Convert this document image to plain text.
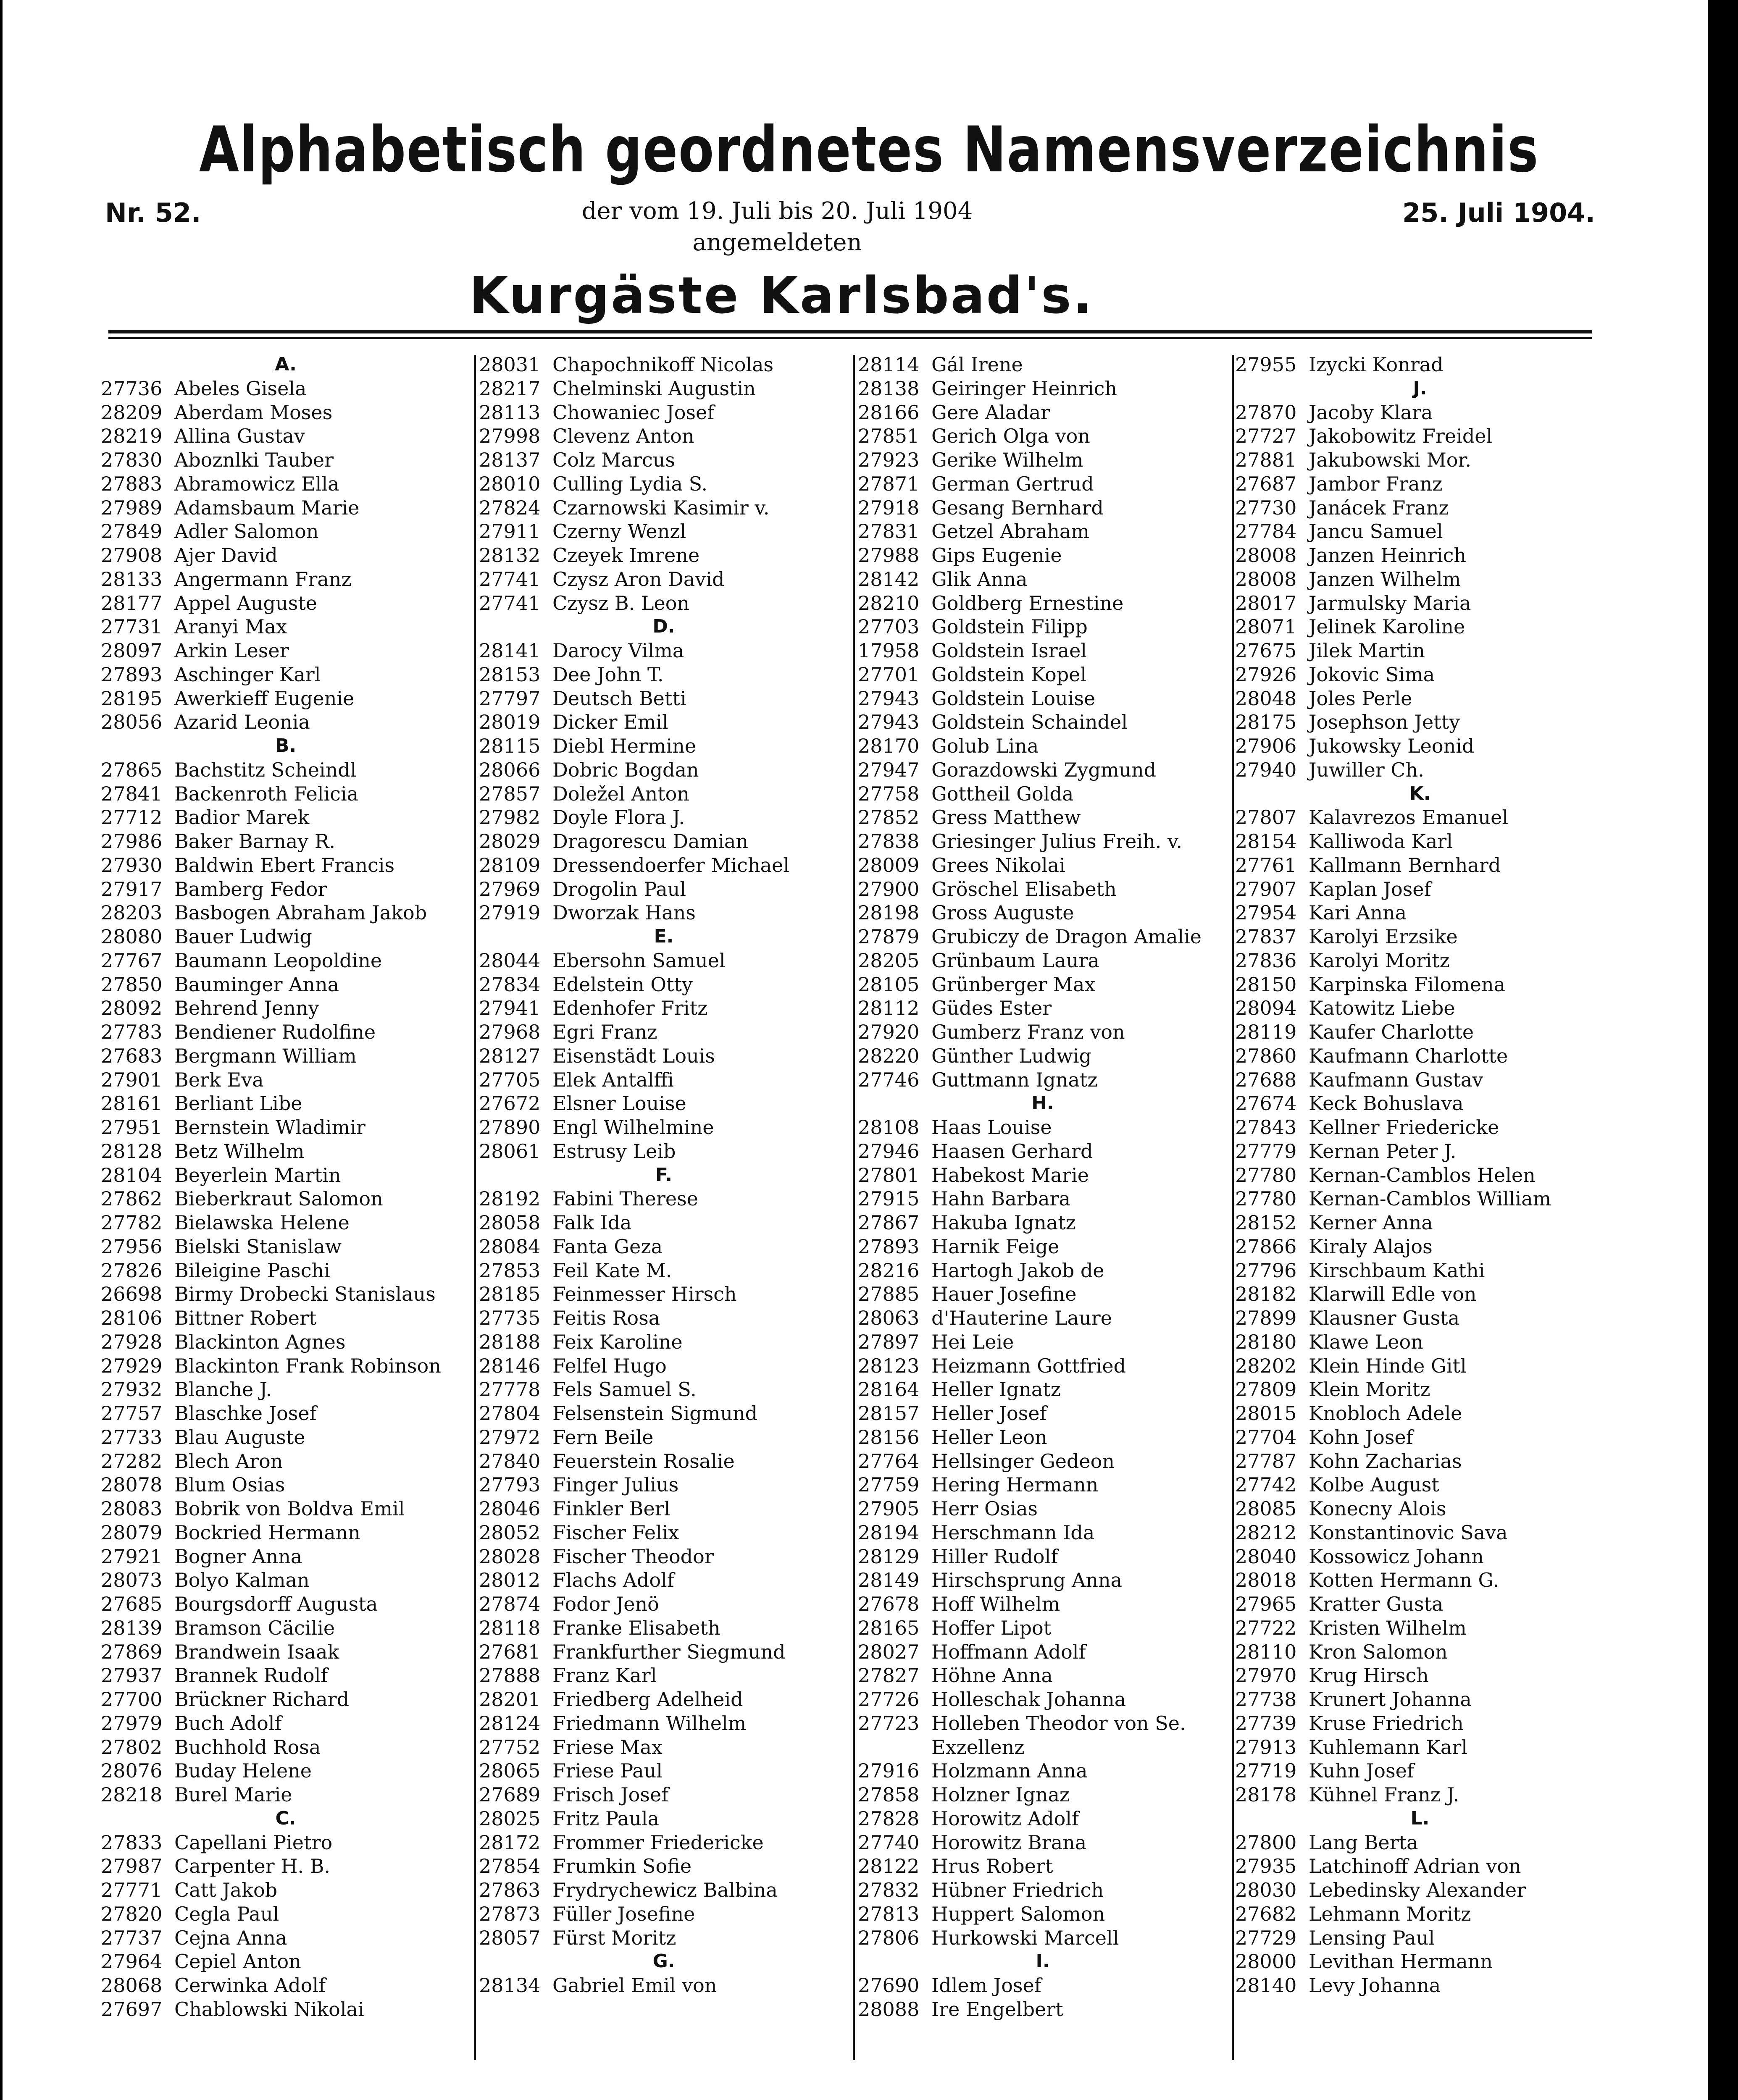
Alphabetisch geordnetes Namensverzeichnis
Nr. 52.	der vom 19. Juli bis 20. Juli 1904	25. Juli 1904.
angemeldeten
Kurgäste Karlsbad's.
A.
27736 Abeles Gisela
28209 Aberdam Moses
28219 Allina Gustav
27830 Aboznlki Tauber
27883 Abramowicz Ella
27989 Adamsbaum Marie
27849 Adler Salomon
27908 Ajer David
28133 Angermann Franz
28177 Appel Auguste
27731 Aranyi Max
28097 Arkin Leser
27893 Aschinger Karl
28195 Awerkieff Eugenie
28056 Azarid Leonia
B.
27865 Bachstitz Scheindl
27841 Backenroth Felicia
27712 Badior Marek
27986 Baker Barnay R.
27930 Baldwin Ebert Francis
27917 Bamberg Fedor
28203 Basbogen Abraham Jakob
28080 Bauer Ludwig
27767 Baumann Leopoldine
27850 Bauminger Anna
28092 Behrend Jenny
27783 Bendiener Rudolfine
27683 Bergmann William
27901 Berk Eva
28161 Berliant Libe
27951 Bernstein Wladimir
28128 Betz Wilhelm
28104 Beyerlein Martin
27862 Bieberkraut Salomon
27782 Bielawska Helene
27956 Bielski Stanislaw
27826 Bileigine Paschi
26698 Birmy Drobecki Stanislaus
28106 Bittner Robert
27928 Blackinton Agnes
27929 Blackinton Frank Robinson
27932 Blanche J.
27757 Blaschke Josef
27733 Blau Auguste
27282 Blech Aron
28078 Blum Osias
28083 Bobrik von Boldva Emil
28079 Bockried Hermann
27921 Bogner Anna
28073 Bolyo Kalman
27685 Bourgsdorff Augusta
28139 Bramson Cäcilie
27869 Brandwein Isaak
27937 Brannek Rudolf
27700 Brückner Richard
27979 Buch Adolf
27802 Buchhold Rosa
28076 Buday Helene
28218 Burel Marie
C.
27833 Capellani Pietro
27987 Carpenter H. B.
27771 Catt Jakob
27820 Cegla Paul
27737 Cejna Anna
27964 Cepiel Anton
28068 Cerwinka Adolf
27697 Chablowski Nikolai
28031 Chapochnikoff Nicolas
28217 Chelminski Augustin
28113 Chowaniec Josef
27998 Clevenz Anton
28137 Colz Marcus
28010 Culling Lydia S.
27824 Czarnowski Kasimir v.
27911 Czerny Wenzl
28132 Czeyek Imrene
27741 Czysz Aron David
27741 Czysz B. Leon
D.
28141 Darocy Vilma
28153 Dee John T.
27797 Deutsch Betti
28019 Dicker Emil
28115 Diebl Hermine
28066 Dobric Bogdan
27857 Doležel Anton
27982 Doyle Flora J.
28029 Dragorescu Damian
28109 Dressendoerfer Michael
27969 Drogolin Paul
27919 Dworzak Hans
E.
28044 Ebersohn Samuel
27834 Edelstein Otty
27941 Edenhofer Fritz
27968 Egri Franz
28127 Eisenstädt Louis
27705 Elek Antalffi
27672 Elsner Louise
27890 Engl Wilhelmine
28061 Estrusy Leib
F.
28192 Fabini Therese
28058 Falk Ida
28084 Fanta Geza
27853 Feil Kate M.
28185 Feinmesser Hirsch
27735 Feitis Rosa
28188 Feix Karoline
28146 Felfel Hugo
27778 Fels Samuel S.
27804 Felsenstein Sigmund
27972 Fern Beile
27840 Feuerstein Rosalie
27793 Finger Julius
28046 Finkler Berl
28052 Fischer Felix
28028 Fischer Theodor
28012 Flachs Adolf
27874 Fodor Jenö
28118 Franke Elisabeth
27681 Frankfurther Siegmund
27888 Franz Karl
28201 Friedberg Adelheid
28124 Friedmann Wilhelm
27752 Friese Max
28065 Friese Paul
27689 Frisch Josef
28025 Fritz Paula
28172 Frommer Friedericke
27854 Frumkin Sofie
27863 Frydrychewicz Balbina
27873 Füller Josefine
28057 Fürst Moritz
G.
28134 Gabriel Emil von
28114 Gál Irene
28138 Geiringer Heinrich
28166 Gere Aladar
27851 Gerich Olga von
27923 Gerike Wilhelm
27871 German Gertrud
27918 Gesang Bernhard
27831 Getzel Abraham
27988 Gips Eugenie
28142 Glik Anna
28210 Goldberg Ernestine
27703 Goldstein Filipp
17958 Goldstein Israel
27701 Goldstein Kopel
27943 Goldstein Louise
27943 Goldstein Schaindel
28170 Golub Lina
27947 Gorazdowski Zygmund
27758 Gottheil Golda
27852 Gress Matthew
27838 Griesinger Julius Freih. v.
28009 Grees Nikolai
27900 Gröschel Elisabeth
28198 Gross Auguste
27879 Grubiczy de Dragon Amalie
28205 Grünbaum Laura
28105 Grünberger Max
28112 Güdes Ester
27920 Gumberz Franz von
28220 Günther Ludwig
27746 Guttmann Ignatz
H.
28108 Haas Louise
27946 Haasen Gerhard
27801 Habekost Marie
27915 Hahn Barbara
27867 Hakuba Ignatz
27893 Harnik Feige
28216 Hartogh Jakob de
27885 Hauer Josefine
28063 d'Hauterine Laure
27897 Hei Leie
28123 Heizmann Gottfried
28164 Heller Ignatz
28157 Heller Josef
28156 Heller Leon
27764 Hellsinger Gedeon
27759 Hering Hermann
27905 Herr Osias
28194 Herschmann Ida
28129 Hiller Rudolf
28149 Hirschsprung Anna
27678 Hoff Wilhelm
28165 Hoffer Lipot
28027 Hoffmann Adolf
27827 Höhne Anna
27726 Holleschak Johanna
27723 Holleben Theodor von Se.
Exzellenz
27916 Holzmann Anna
27858 Holzner Ignaz
27828 Horowitz Adolf
27740 Horowitz Brana
28122 Hrus Robert
27832 Hübner Friedrich
27813 Huppert Salomon
27806 Hurkowski Marcell
I.
27690 Idlem Josef
28088 Ire Engelbert
27955 Izycki Konrad
J.
27870 Jacoby Klara
27727 Jakobowitz Freidel
27881 Jakubowski Mor.
27687 Jambor Franz
27730 Janácek Franz
27784 Jancu Samuel
28008 Janzen Heinrich
28008 Janzen Wilhelm
28017 Jarmulsky Maria
28071 Jelinek Karoline
27675 Jilek Martin
27926 Jokovic Sima
28048 Joles Perle
28175 Josephson Jetty
27906 Jukowsky Leonid
27940 Juwiller Ch.
K.
27807 Kalavrezos Emanuel
28154 Kalliwoda Karl
27761 Kallmann Bernhard
27907 Kaplan Josef
27954 Kari Anna
27837 Karolyi Erzsike
27836 Karolyi Moritz
28150 Karpinska Filomena
28094 Katowitz Liebe
28119 Kaufer Charlotte
27860 Kaufmann Charlotte
27688 Kaufmann Gustav
27674 Keck Bohuslava
27843 Kellner Friedericke
27779 Kernan Peter J.
27780 Kernan-Camblos Helen
27780 Kernan-Camblos William
28152 Kerner Anna
27866 Kiraly Alajos
27796 Kirschbaum Kathi
28182 Klarwill Edle von
27899 Klausner Gusta
28180 Klawe Leon
28202 Klein Hinde Gitl
27809 Klein Moritz
28015 Knobloch Adele
27704 Kohn Josef
27787 Kohn Zacharias
27742 Kolbe August
28085 Konecny Alois
28212 Konstantinovic Sava
28040 Kossowicz Johann
28018 Kotten Hermann G.
27965 Kratter Gusta
27722 Kristen Wilhelm
28110 Kron Salomon
27970 Krug Hirsch
27738 Krunert Johanna
27739 Kruse Friedrich
27913 Kuhlemann Karl
27719 Kuhn Josef
28178 Kühnel Franz J.
L.
27800 Lang Berta
27935 Latchinoff Adrian von
28030 Lebedinsky Alexander
27682 Lehmann Moritz
27729 Lensing Paul
28000 Levithan Hermann
28140 Levy Johanna
